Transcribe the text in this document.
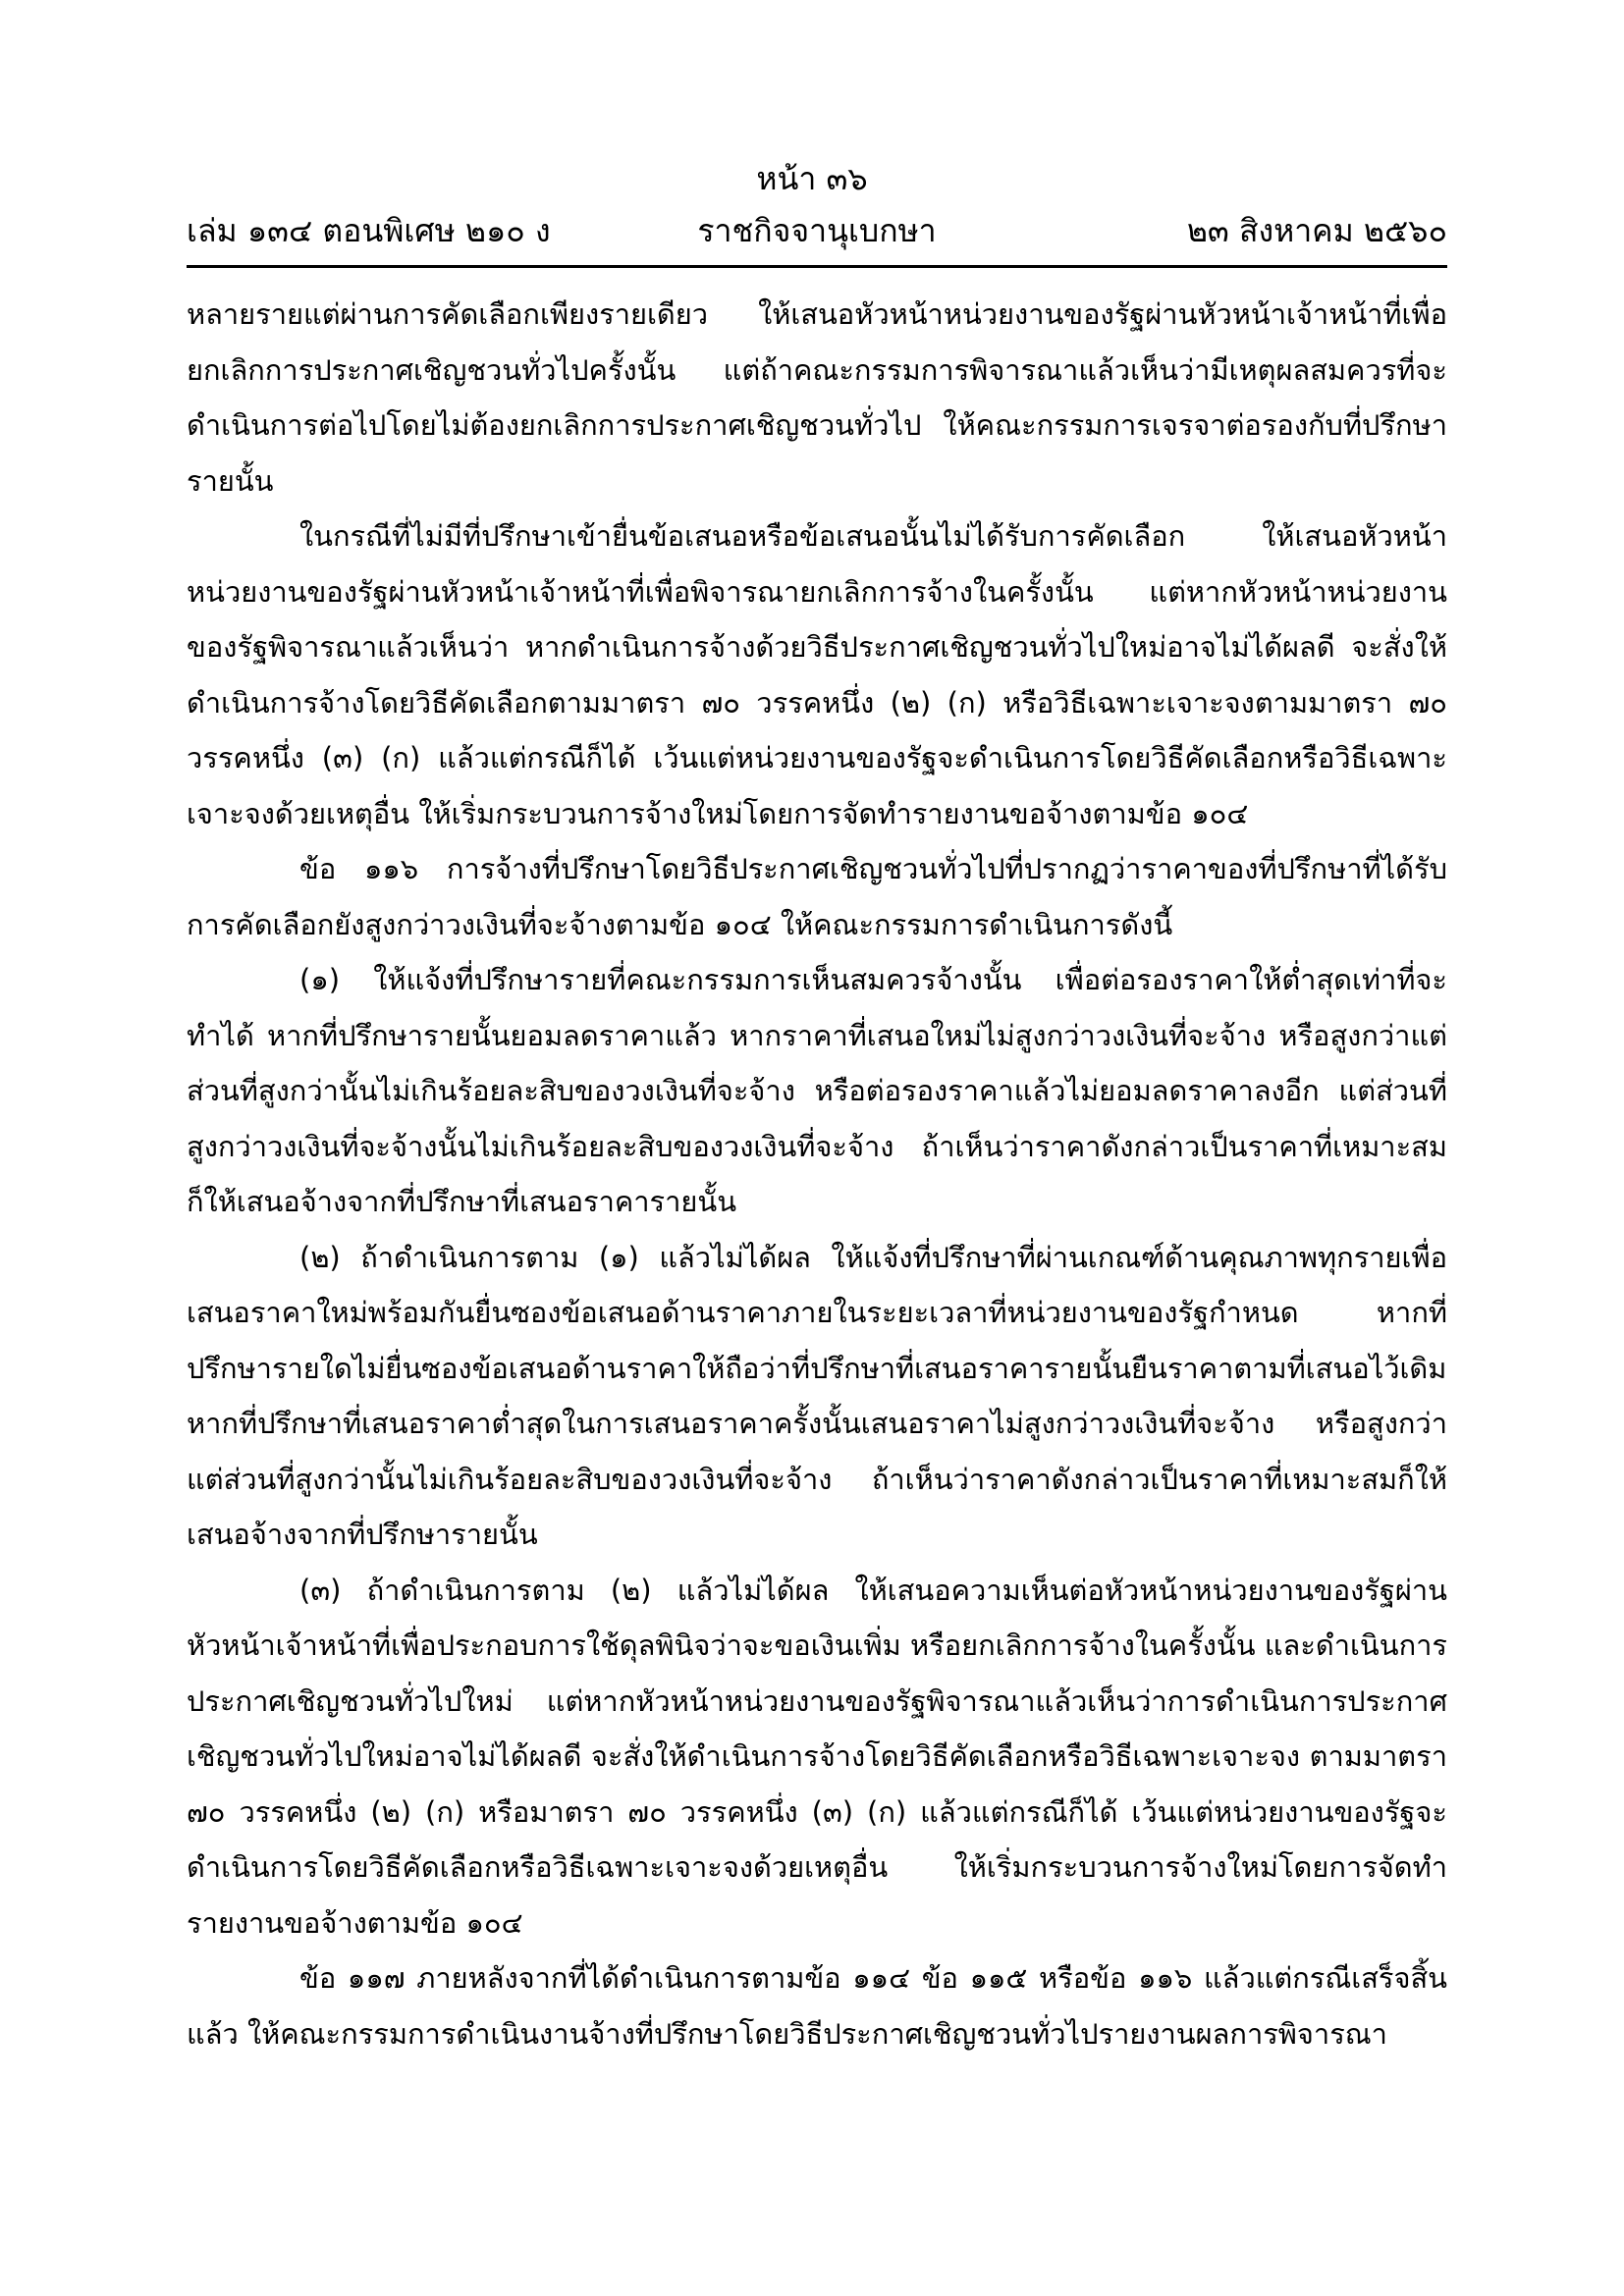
หน้า ๓๖
ราชกิจจานุเบกษา
เล่ม ๑๓๔ ตอนพิเศษ ๒๑๐ ง	๒๓ สิงหาคม ๒๕๖๐

หลายรายแต่ผ่านการคัดเลือกเพียงรายเดียว ให้เสนอหัวหน้าหน่วยงานของรัฐผ่านหัวหน้าเจ้าหน้าที่เพื่อยกเลิกการประกาศเชิญชวนทั่วไปครั้งนั้น แต่ถ้าคณะกรรมการพิจารณาแล้วเห็นว่ามีเหตุผลสมควรที่จะดำเนินการต่อไปโดยไม่ต้องยกเลิกการประกาศเชิญชวนทั่วไป ให้คณะกรรมการเจรจาต่อรองกับที่ปรึกษารายนั้น

ในกรณีที่ไม่มีที่ปรึกษาเข้ายื่นข้อเสนอหรือข้อเสนอนั้นไม่ได้รับการคัดเลือก ให้เสนอหัวหน้าหน่วยงานของรัฐผ่านหัวหน้าเจ้าหน้าที่เพื่อพิจารณายกเลิกการจ้างในครั้งนั้น แต่หากหัวหน้าหน่วยงานของรัฐพิจารณาแล้วเห็นว่า หากดำเนินการจ้างด้วยวิธีประกาศเชิญชวนทั่วไปใหม่อาจไม่ได้ผลดี จะสั่งให้ดำเนินการจ้างโดยวิธีคัดเลือกตามมาตรา ๗๐ วรรคหนึ่ง (๒) (ก) หรือวิธีเฉพาะเจาะจงตามมาตรา ๗๐ วรรคหนึ่ง (๓) (ก) แล้วแต่กรณีก็ได้ เว้นแต่หน่วยงานของรัฐจะดำเนินการโดยวิธีคัดเลือกหรือวิธีเฉพาะเจาะจงด้วยเหตุอื่น ให้เริ่มกระบวนการจ้างใหม่โดยการจัดทำรายงานขอจ้างตามข้อ ๑๐๔

ข้อ ๑๑๖ การจ้างที่ปรึกษาโดยวิธีประกาศเชิญชวนทั่วไปที่ปรากฏว่าราคาของที่ปรึกษาที่ได้รับการคัดเลือกยังสูงกว่าวงเงินที่จะจ้างตามข้อ ๑๐๔ ให้คณะกรรมการดำเนินการดังนี้

(๑) ให้แจ้งที่ปรึกษารายที่คณะกรรมการเห็นสมควรจ้างนั้น เพื่อต่อรองราคาให้ต่ำสุดเท่าที่จะทำได้ หากที่ปรึกษารายนั้นยอมลดราคาแล้ว หากราคาที่เสนอใหม่ไม่สูงกว่าวงเงินที่จะจ้าง หรือสูงกว่าแต่ส่วนที่สูงกว่านั้นไม่เกินร้อยละสิบของวงเงินที่จะจ้าง หรือต่อรองราคาแล้วไม่ยอมลดราคาลงอีก แต่ส่วนที่สูงกว่าวงเงินที่จะจ้างนั้นไม่เกินร้อยละสิบของวงเงินที่จะจ้าง ถ้าเห็นว่าราคาดังกล่าวเป็นราคาที่เหมาะสม ก็ให้เสนอจ้างจากที่ปรึกษาที่เสนอราคารายนั้น

(๒) ถ้าดำเนินการตาม (๑) แล้วไม่ได้ผล ให้แจ้งที่ปรึกษาที่ผ่านเกณฑ์ด้านคุณภาพทุกรายเพื่อเสนอราคาใหม่พร้อมกันยื่นซองข้อเสนอด้านราคาภายในระยะเวลาที่หน่วยงานของรัฐกำหนด หากที่ปรึกษารายใดไม่ยื่นซองข้อเสนอด้านราคาให้ถือว่าที่ปรึกษาที่เสนอราคารายนั้นยืนราคาตามที่เสนอไว้เดิม หากที่ปรึกษาที่เสนอราคาต่ำสุดในการเสนอราคาครั้งนั้นเสนอราคาไม่สูงกว่าวงเงินที่จะจ้าง หรือสูงกว่าแต่ส่วนที่สูงกว่านั้นไม่เกินร้อยละสิบของวงเงินที่จะจ้าง ถ้าเห็นว่าราคาดังกล่าวเป็นราคาที่เหมาะสมก็ให้เสนอจ้างจากที่ปรึกษารายนั้น

(๓) ถ้าดำเนินการตาม (๒) แล้วไม่ได้ผล ให้เสนอความเห็นต่อหัวหน้าหน่วยงานของรัฐผ่านหัวหน้าเจ้าหน้าที่เพื่อประกอบการใช้ดุลพินิจว่าจะขอเงินเพิ่ม หรือยกเลิกการจ้างในครั้งนั้น และดำเนินการประกาศเชิญชวนทั่วไปใหม่ แต่หากหัวหน้าหน่วยงานของรัฐพิจารณาแล้วเห็นว่าการดำเนินการประกาศเชิญชวนทั่วไปใหม่อาจไม่ได้ผลดี จะสั่งให้ดำเนินการจ้างโดยวิธีคัดเลือกหรือวิธีเฉพาะเจาะจง ตามมาตรา ๗๐ วรรคหนึ่ง (๒) (ก) หรือมาตรา ๗๐ วรรคหนึ่ง (๓) (ก) แล้วแต่กรณีก็ได้ เว้นแต่หน่วยงานของรัฐจะดำเนินการโดยวิธีคัดเลือกหรือวิธีเฉพาะเจาะจงด้วยเหตุอื่น ให้เริ่มกระบวนการจ้างใหม่โดยการจัดทำรายงานขอจ้างตามข้อ ๑๐๔

ข้อ ๑๑๗ ภายหลังจากที่ได้ดำเนินการตามข้อ ๑๑๔ ข้อ ๑๑๕ หรือข้อ ๑๑๖ แล้วแต่กรณีเสร็จสิ้นแล้ว ให้คณะกรรมการดำเนินงานจ้างที่ปรึกษาโดยวิธีประกาศเชิญชวนทั่วไปรายงานผลการพิจารณา
